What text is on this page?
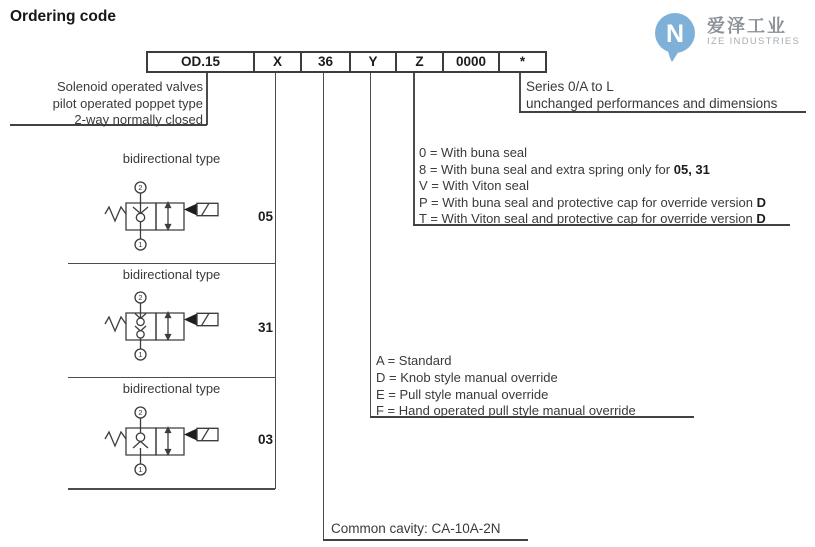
Ordering code
N 爱泽工业
IZE INDUSTRIES
OD.15	X	36	Y	Z	0000	*
Solenoid operated valves
pilot operated poppet type
2-way normally closed
Series 0/A to L
unchanged performances and dimensions
0 = With buna seal
8 = With buna seal and extra spring only for 05, 31
V = With Viton seal
P = With buna seal and protective cap for override version D
T = With Viton seal and protective cap for override version D
A = Standard
D = Knob style manual override
E = Pull style manual override
F = Hand operated pull style manual override
Common cavity: CA-10A-2N
bidirectional type
bidirectional type
bidirectional type
05
31
03
2
1
2
1
2
1
